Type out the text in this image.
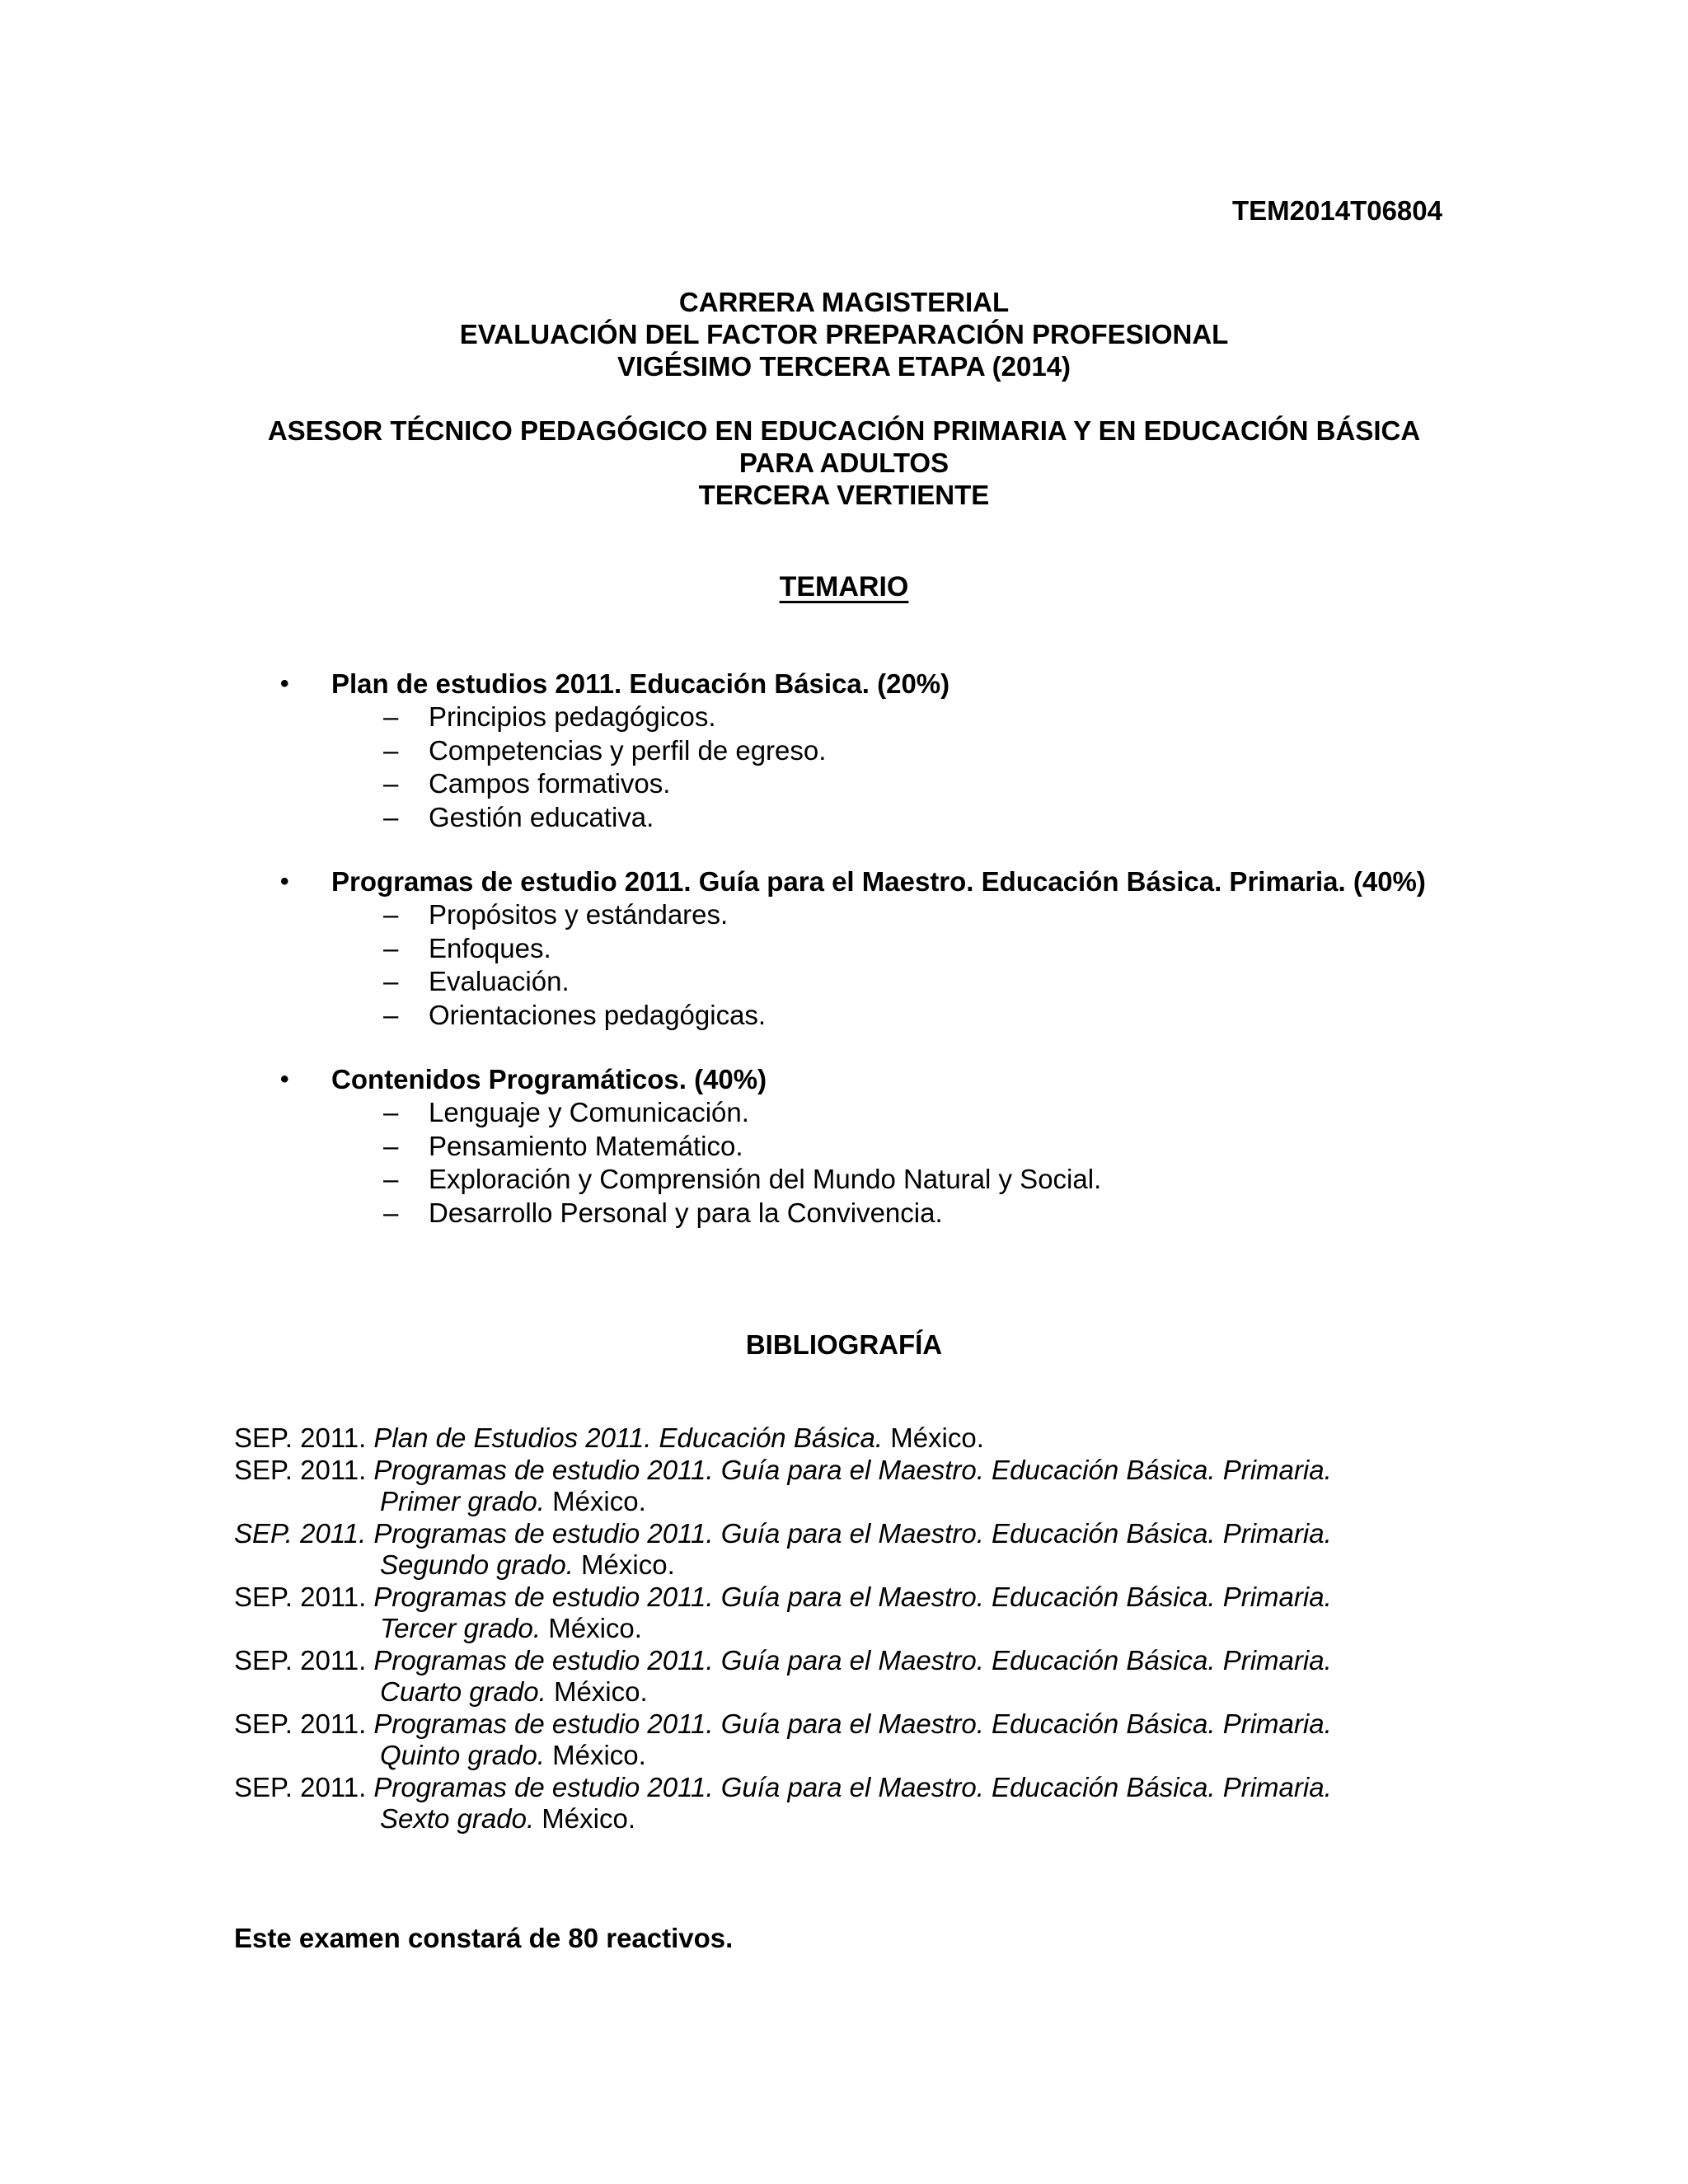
TEM2014T06804
CARRERA MAGISTERIAL
EVALUACIÓN DEL FACTOR PREPARACIÓN PROFESIONAL
VIGÉSIMO TERCERA ETAPA (2014)
ASESOR TÉCNICO PEDAGÓGICO EN EDUCACIÓN PRIMARIA Y EN EDUCACIÓN BÁSICA
PARA ADULTOS
TERCERA VERTIENTE
TEMARIO
• Plan de estudios 2011. Educación Básica. (20%)
– Principios pedagógicos.
– Competencias y perfil de egreso.
– Campos formativos.
– Gestión educativa.
• Programas de estudio 2011. Guía para el Maestro. Educación Básica. Primaria. (40%)
– Propósitos y estándares.
– Enfoques.
– Evaluación.
– Orientaciones pedagógicas.
• Contenidos Programáticos. (40%)
– Lenguaje y Comunicación.
– Pensamiento Matemático.
– Exploración y Comprensión del Mundo Natural y Social.
– Desarrollo Personal y para la Convivencia.
BIBLIOGRAFÍA
SEP. 2011. Plan de Estudios 2011. Educación Básica. México.
SEP. 2011. Programas de estudio 2011. Guía para el Maestro. Educación Básica. Primaria.
Primer grado. México.
SEP. 2011. Programas de estudio 2011. Guía para el Maestro. Educación Básica. Primaria.
Segundo grado. México.
SEP. 2011. Programas de estudio 2011. Guía para el Maestro. Educación Básica. Primaria.
Tercer grado. México.
SEP. 2011. Programas de estudio 2011. Guía para el Maestro. Educación Básica. Primaria.
Cuarto grado. México.
SEP. 2011. Programas de estudio 2011. Guía para el Maestro. Educación Básica. Primaria.
Quinto grado. México.
SEP. 2011. Programas de estudio 2011. Guía para el Maestro. Educación Básica. Primaria.
Sexto grado. México.
Este examen constará de 80 reactivos.
